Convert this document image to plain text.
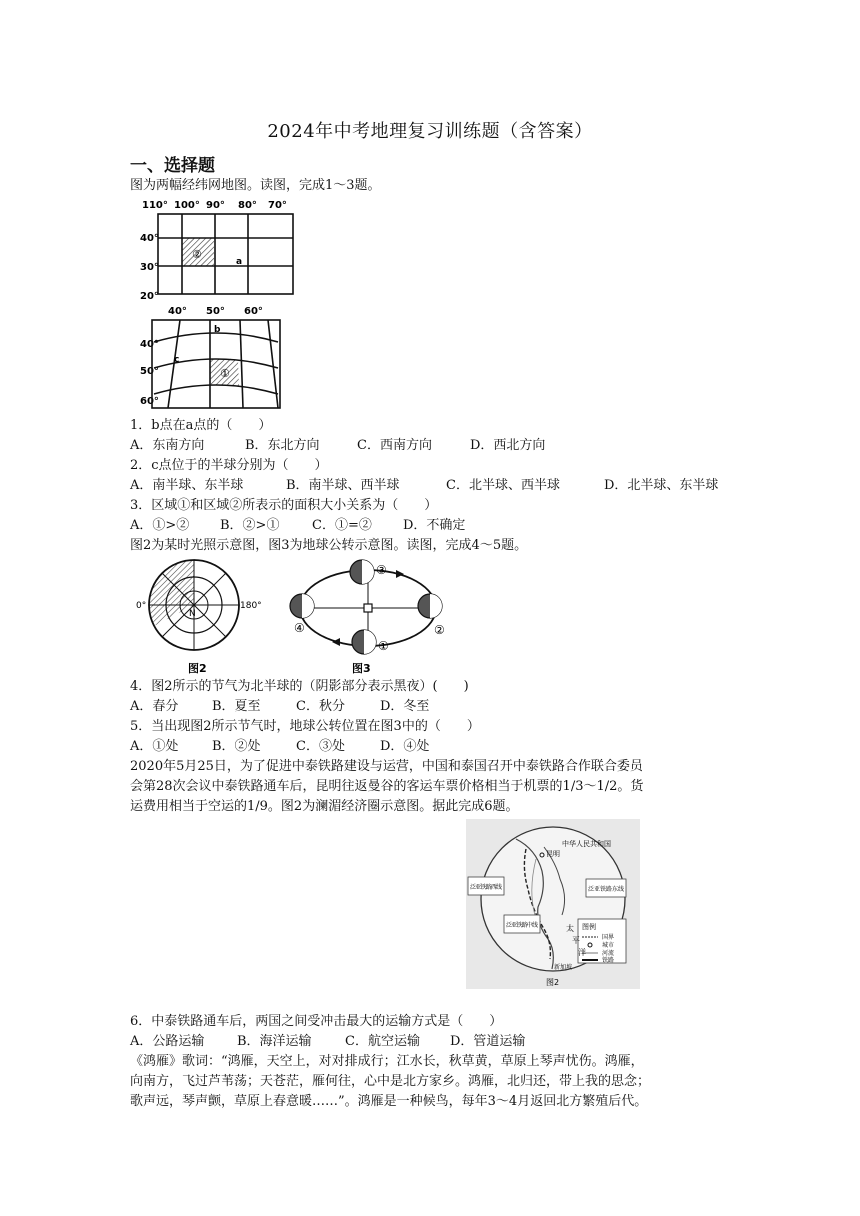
2024年中考地理复习训练题（含答案）
一、选择题
图为两幅经纬网地图。读图，完成1～3题。
110° 100° 90° 80° 70°
40°
30°
20°
②
a
40° 50° 60°
40°
50°
60°
b
c
①
1．b点在a点的（　　）
A．东南方向	B．东北方向	C．西南方向	D．西北方向
2．c点位于的半球分别为（　　）
A．南半球、东半球	B．南半球、西半球	C．北半球、西半球	D．北半球、东半球
3．区域①和区域②所表示的面积大小关系为（　　）
A．①>② B．②>①	C．①=② D．不确定
图2为某时光照示意图，图3为地球公转示意图。读图，完成4～5题。
0°	180°
N
图2
③
②
①
④
图3
4．图2所示的节气为北半球的（阴影部分表示黑夜）(　　)
A．春分	B．夏至	C．秋分	D．冬至
5．当出现图2所示节气时，地球公转位置在图3中的（　　）
A．①处	B．②处	C．③处	D．④处
2020年5月25日，为了促进中泰铁路建设与运营，中国和泰国召开中泰铁路合作联合委员
会第28次会议中泰铁路通车后，昆明往返曼谷的客运车票价格相当于机票的1/3～1/2。货
运费用相当于空运的1/9。图2为澜湄经济圈示意图。据此完成6题。
中华人民共和国
昆明
泛亚铁路西线
泛亚铁路中线
泛亚铁路东线
图例
国界
城市
河流
铁路
太
平
洋
新加坡
图2
6．中泰铁路通车后，两国之间受冲击最大的运输方式是（　　）
A．公路运输	B．海洋运输	C．航空运输 D．管道运输
《鸿雁》歌词：“鸿雁，天空上，对对排成行；江水长，秋草黄，草原上琴声忧伤。鸿雁，
向南方，飞过芦苇荡；天苍茫，雁何往，心中是北方家乡。鸿雁，北归还，带上我的思念；
歌声远，琴声颤，草原上春意暖……”。鸿雁是一种候鸟，每年3～4月返回北方繁殖后代。
